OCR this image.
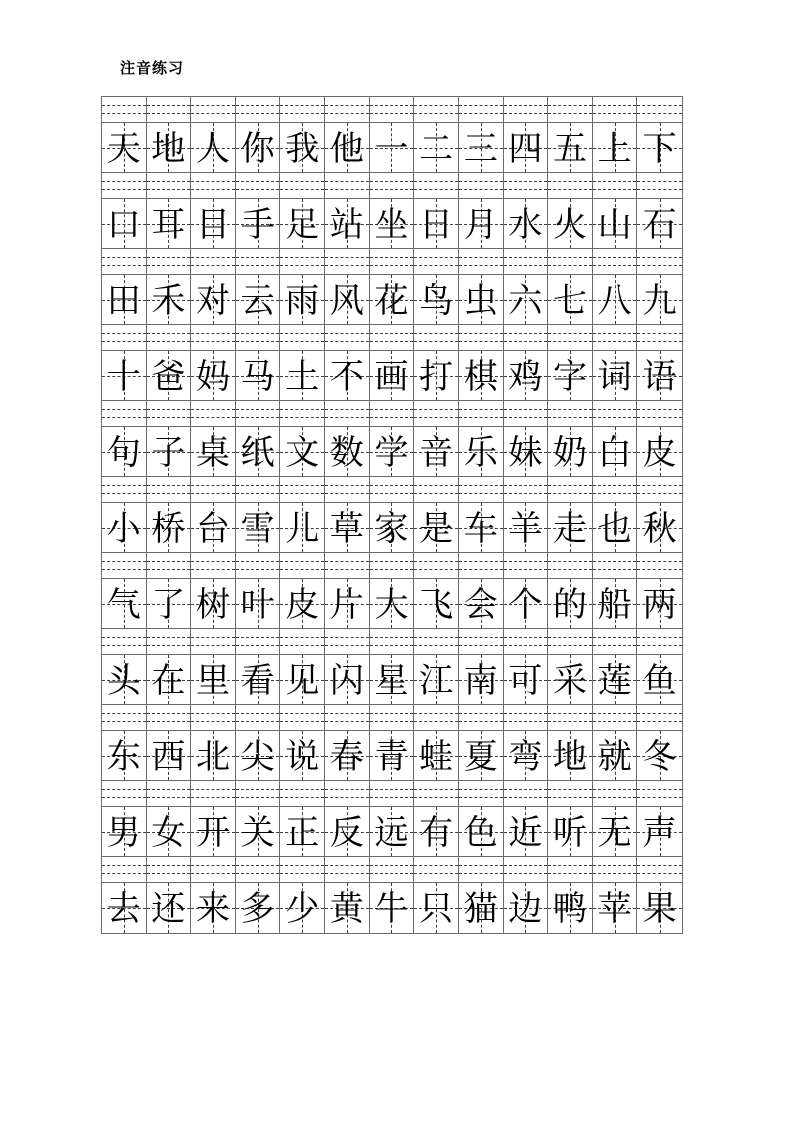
注音练习
天 地 人 你 我 他 一 二 三 四 五 上 下
口 耳 目 手 足 站 坐 日 月 水 火 山 石
田 禾 对 云 雨 风 花 鸟 虫 六 七 八 九
十 爸 妈 马 土 不 画 打 棋 鸡 字 词 语
句 子 桌 纸 文 数 学 音 乐 妹 奶 白 皮
小 桥 台 雪 儿 草 家 是 车 羊 走 也 秋
气 了 树 叶 皮 片 大 飞 会 个 的 船 两
头 在 里 看 见 闪 星 江 南 可 采 莲 鱼
东 西 北 尖 说 春 青 蛙 夏 弯 地 就 冬
男 女 开 关 正 反 远 有 色 近 听 无 声
去 还 来 多 少 黄 牛 只 猫 边 鸭 苹 果
